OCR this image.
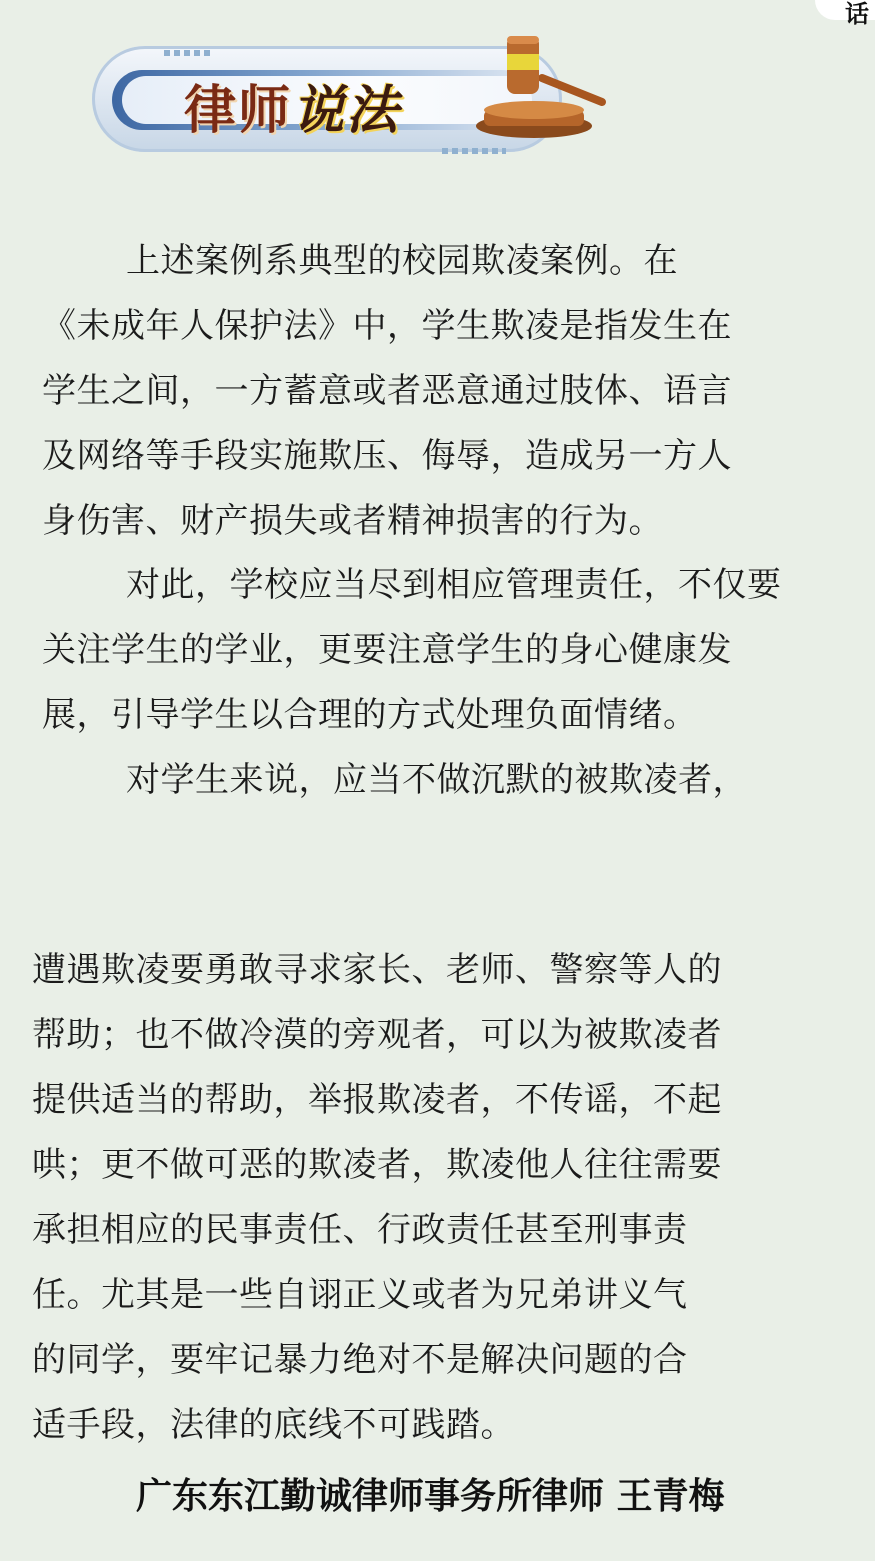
话
律师说法
上述案例系典型的校园欺凌案例。在
《未成年人保护法》中，学生欺凌是指发生在
学生之间，一方蓄意或者恶意通过肢体、语言
及网络等手段实施欺压、侮辱，造成另一方人
身伤害、财产损失或者精神损害的行为。
对此，学校应当尽到相应管理责任，不仅要
关注学生的学业，更要注意学生的身心健康发
展，引导学生以合理的方式处理负面情绪。
对学生来说，应当不做沉默的被欺凌者，
遭遇欺凌要勇敢寻求家长、老师、警察等人的
帮助；也不做冷漠的旁观者，可以为被欺凌者
提供适当的帮助，举报欺凌者，不传谣，不起
哄；更不做可恶的欺凌者，欺凌他人往往需要
承担相应的民事责任、行政责任甚至刑事责
任。尤其是一些自诩正义或者为兄弟讲义气
的同学，要牢记暴力绝对不是解决问题的合
适手段，法律的底线不可践踏。
广东东江勤诚律师事务所律师 王青梅
